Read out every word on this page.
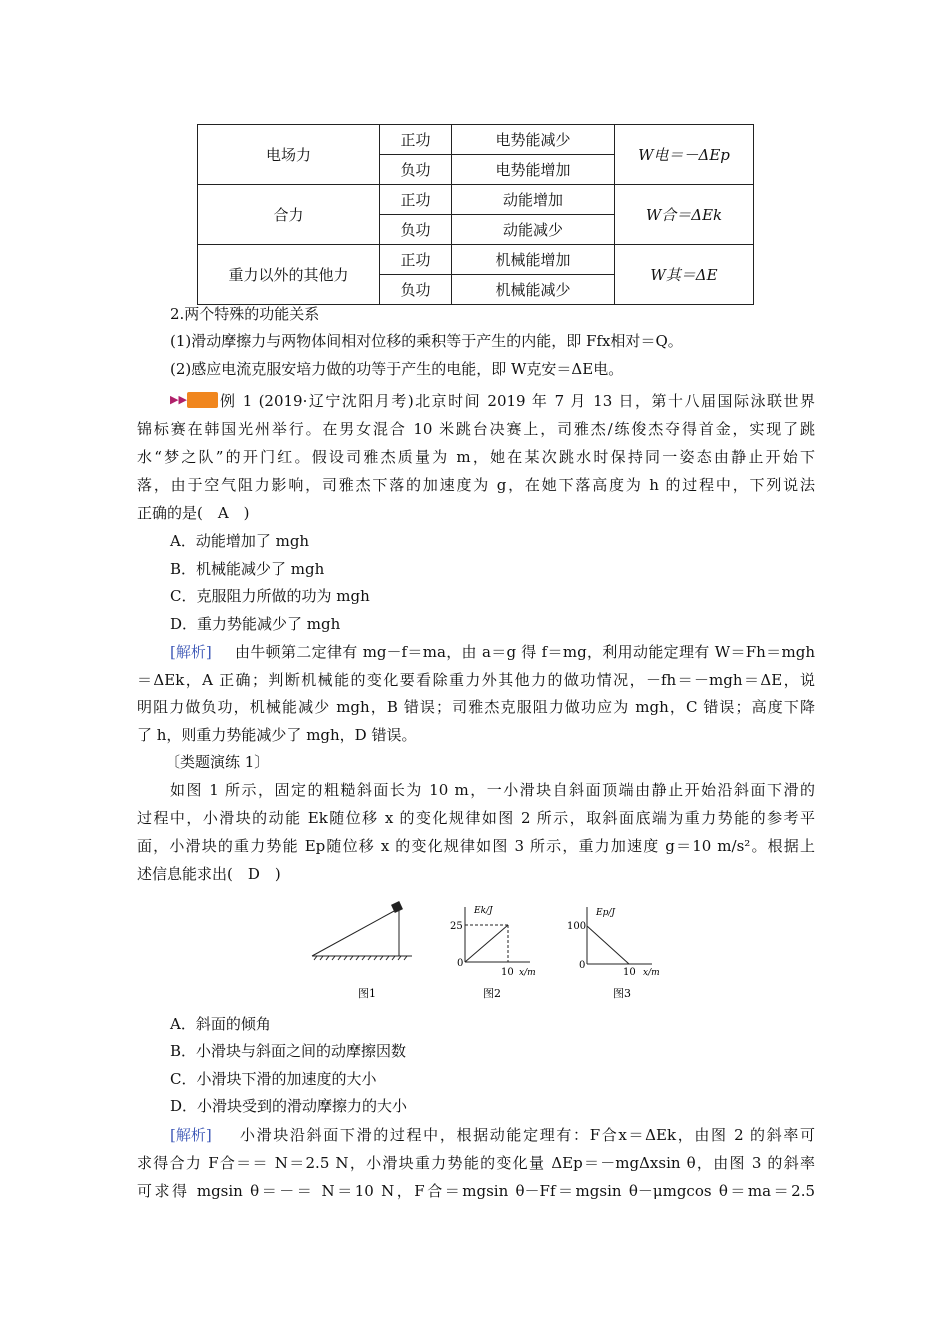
电场力	正功	电势能减少	W电＝－ΔEp
	负功	电势能增加	
合力	正功	动能增加	W合＝ΔEk
	负功	动能减少	
重力以外的其他力	正功	机械能增加	W其＝ΔE
	负功	机械能减少	
2.两个特殊的功能关系
(1)滑动摩擦力与两物体间相对位移的乘积等于产生的内能，即 Ffx相对＝Q。
(2)感应电流克服安培力做的功等于产生的电能，即 W克安＝ΔE电。
▶▶ 例 1 (2019·辽宁沈阳月考)北京时间 2019 年 7 月 13 日，第十八届国际泳联世界
锦标赛在韩国光州举行。在男女混合 10 米跳台决赛上，司雅杰/练俊杰夺得首金，实现了跳
水“梦之队”的开门红。假设司雅杰质量为 m，她在某次跳水时保持同一姿态由静止开始下
落，由于空气阻力影响，司雅杰下落的加速度为 g，在她下落高度为 h 的过程中，下列说法
正确的是(　A　)
A．动能增加了 mgh
B．机械能减少了 mgh
C．克服阻力所做的功为 mgh
D．重力势能减少了 mgh
[解析] 由牛顿第二定律有 mg－f＝ma，由 a＝g 得 f＝mg，利用动能定理有 W＝Fh＝mgh
＝ΔEk，A 正确；判断机械能的变化要看除重力外其他力的做功情况，－fh＝－mgh＝ΔE，说
明阻力做负功，机械能减少 mgh，B 错误；司雅杰克服阻力做功应为 mgh，C 错误；高度下降
了 h，则重力势能减少了 mgh，D 错误。
〔类题演练 1〕
如图 1 所示，固定的粗糙斜面长为 10 m，一小滑块自斜面顶端由静止开始沿斜面下滑的
过程中，小滑块的动能 Ek随位移 x 的变化规律如图 2 所示，取斜面底端为重力势能的参考平
面，小滑块的重力势能 Ep随位移 x 的变化规律如图 3 所示，重力加速度 g＝10 m/s²。根据上
述信息能求出(　D　)
Ek/J
25
0
10 x/m
Ep/J
100
0
10 x/m
图1	图2	图3
A．斜面的倾角
B．小滑块与斜面之间的动摩擦因数
C．小滑块下滑的加速度的大小
D．小滑块受到的滑动摩擦力的大小
[解析] 小滑块沿斜面下滑的过程中，根据动能定理有：F合x＝ΔEk，由图 2 的斜率可
求得合力 F合＝＝ N＝2.5 N，小滑块重力势能的变化量 ΔEp＝－mgΔxsin θ，由图 3 的斜率
可求得 mgsin θ＝－＝ N＝10 N，F合＝mgsin θ－Ff＝mgsin θ－μmgcos θ＝ma＝2.5
